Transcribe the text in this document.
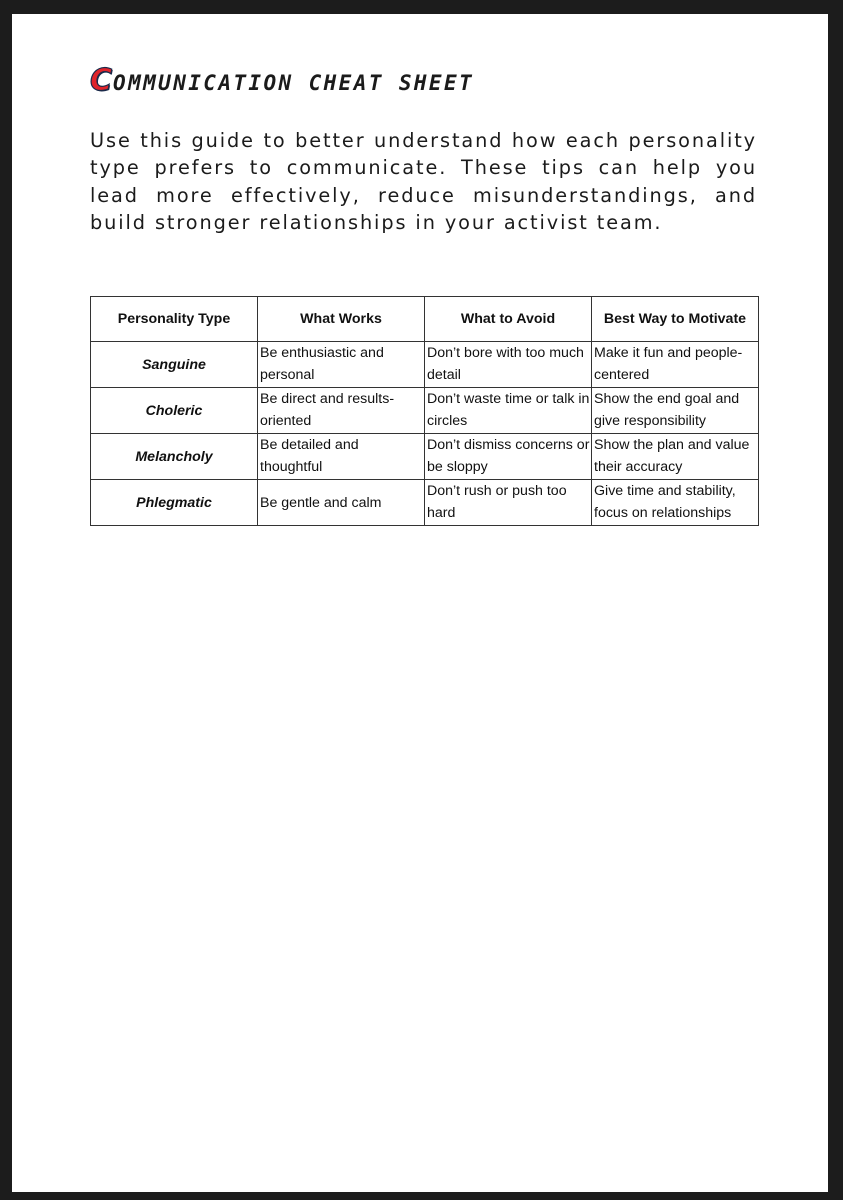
C OMMUNICATION CHEAT SHEET

Use this guide to better understand how each personality type prefers to communicate. These tips can help you lead more effectively, reduce misunderstandings, and build stronger relationships in your activist team.

Personality Type	What Works	What to Avoid	Best Way to Motivate
Sanguine	Be enthusiastic and personal	Don’t bore with too much detail	Make it fun and people-centered
Choleric	Be direct and results-oriented	Don’t waste time or talk in circles	Show the end goal and give responsibility
Melancholy	Be detailed and thoughtful	Don’t dismiss concerns or be sloppy	Show the plan and value their accuracy
Phlegmatic	Be gentle and calm	Don’t rush or push too hard	Give time and stability, focus on relationships
